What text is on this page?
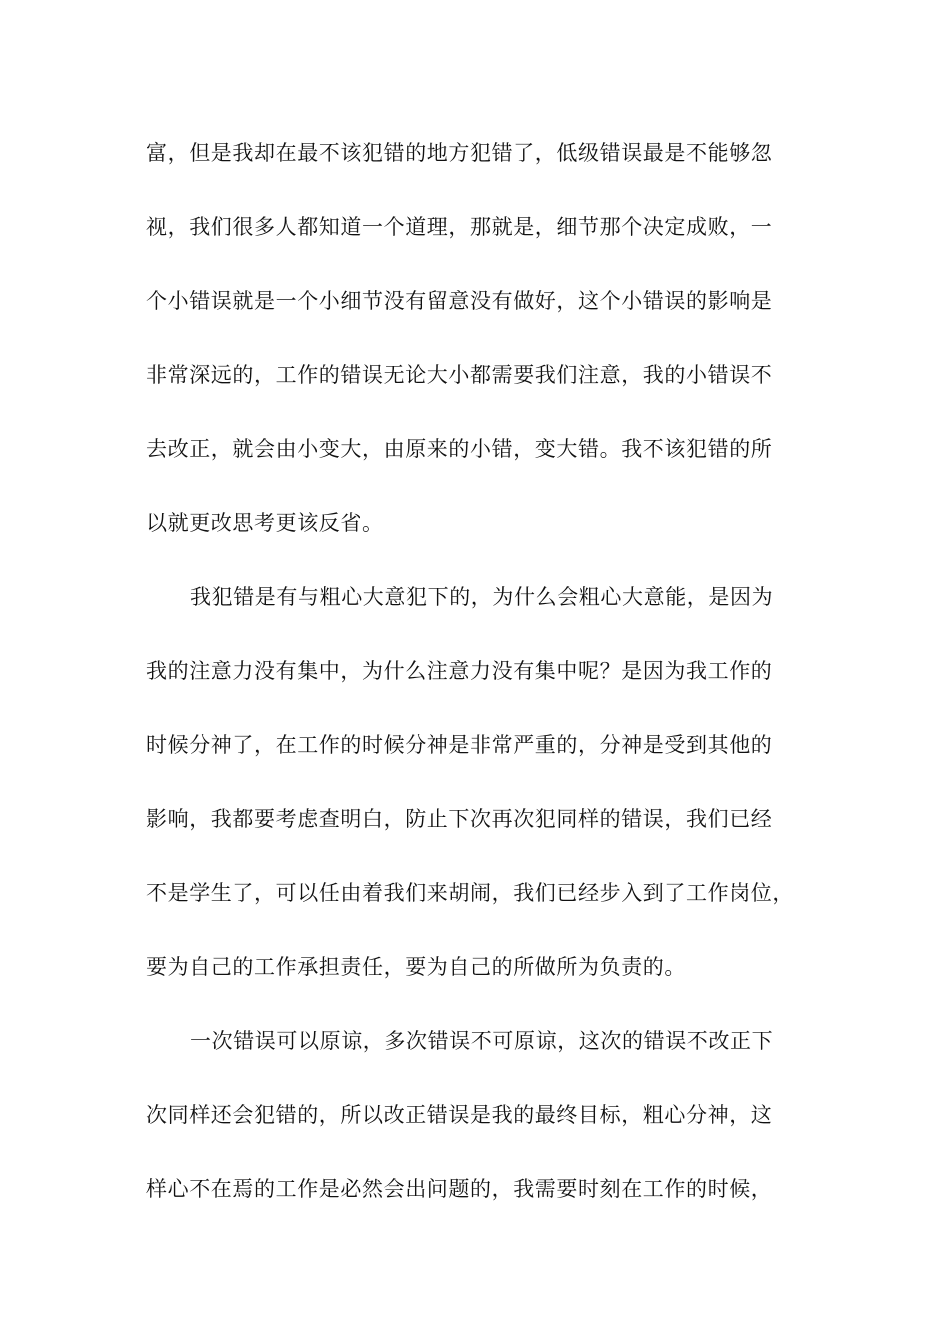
富，但是我却在最不该犯错的地方犯错了，低级错误最是不能够忽
视，我们很多人都知道一个道理，那就是，细节那个决定成败，一
个小错误就是一个小细节没有留意没有做好，这个小错误的影响是
非常深远的，工作的错误无论大小都需要我们注意，我的小错误不
去改正，就会由小变大，由原来的小错，变大错。我不该犯错的所
以就更改思考更该反省。
我犯错是有与粗心大意犯下的，为什么会粗心大意能，是因为
我的注意力没有集中，为什么注意力没有集中呢？是因为我工作的
时候分神了，在工作的时候分神是非常严重的，分神是受到其他的
影响，我都要考虑查明白，防止下次再次犯同样的错误，我们已经
不是学生了，可以任由着我们来胡闹，我们已经步入到了工作岗位，
要为自己的工作承担责任，要为自己的所做所为负责的。
一次错误可以原谅，多次错误不可原谅，这次的错误不改正下
次同样还会犯错的，所以改正错误是我的最终目标，粗心分神，这
样心不在焉的工作是必然会出问题的，我需要时刻在工作的时候，
